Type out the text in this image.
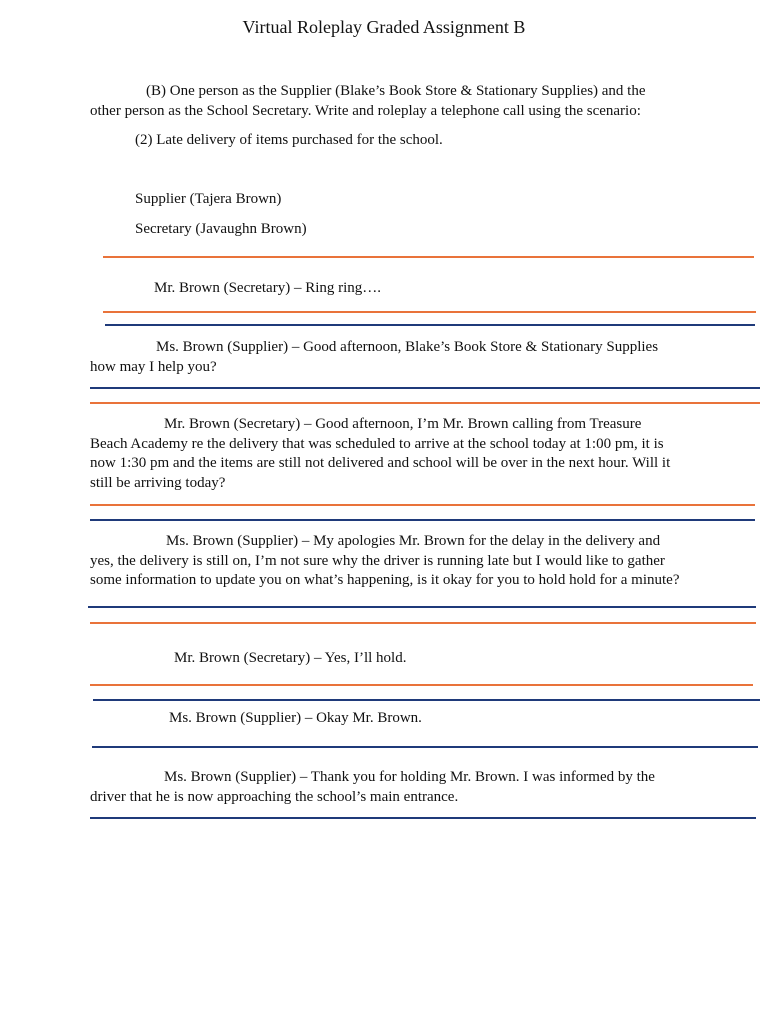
Virtual Roleplay Graded Assignment B

(B) One person as the Supplier (Blake’s Book Store & Stationary Supplies) and the other person as the School Secretary. Write and roleplay a telephone call using the scenario:

(2) Late delivery of items purchased for the school.

Supplier (Tajera Brown)

Secretary (Javaughn Brown)

Mr. Brown (Secretary) – Ring ring….

Ms. Brown (Supplier) – Good afternoon, Blake’s Book Store & Stationary Supplies how may I help you?

Mr. Brown (Secretary) – Good afternoon, I’m Mr. Brown calling from Treasure Beach Academy re the delivery that was scheduled to arrive at the school today at 1:00 pm, it is now 1:30 pm and the items are still not delivered and school will be over in the next hour. Will it still be arriving today?

Ms. Brown (Supplier) – My apologies Mr. Brown for the delay in the delivery and yes, the delivery is still on, I’m not sure why the driver is running late but I would like to gather some information to update you on what’s happening, is it okay for you to hold hold for a minute?

Mr. Brown (Secretary) – Yes, I’ll hold.

Ms. Brown (Supplier) – Okay Mr. Brown.

Ms. Brown (Supplier) – Thank you for holding Mr. Brown. I was informed by the driver that he is now approaching the school’s main entrance.
